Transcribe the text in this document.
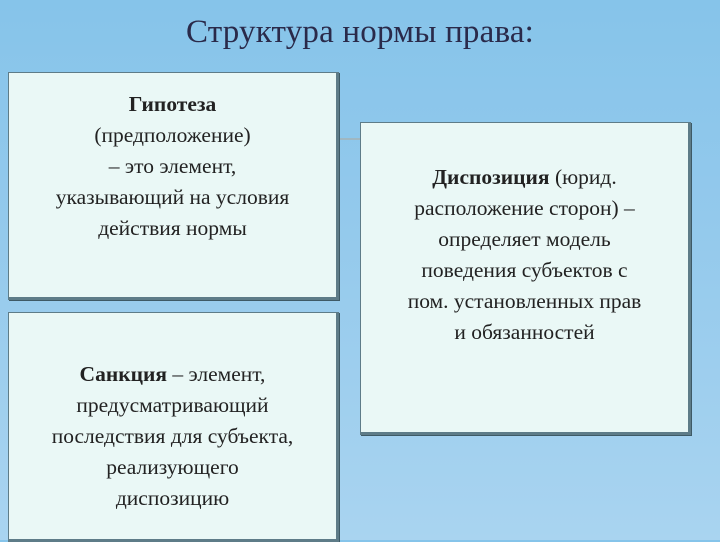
Структура нормы права:
Гипотеза
(предположение)
– это элемент,
указывающий на условия
действия нормы
Санкция – элемент,
предусматривающий
последствия для субъекта,
реализующего
диспозицию
Диспозиция (юрид.
расположение сторон) –
определяет модель
поведения субъектов с
пом. установленных прав
и обязанностей
